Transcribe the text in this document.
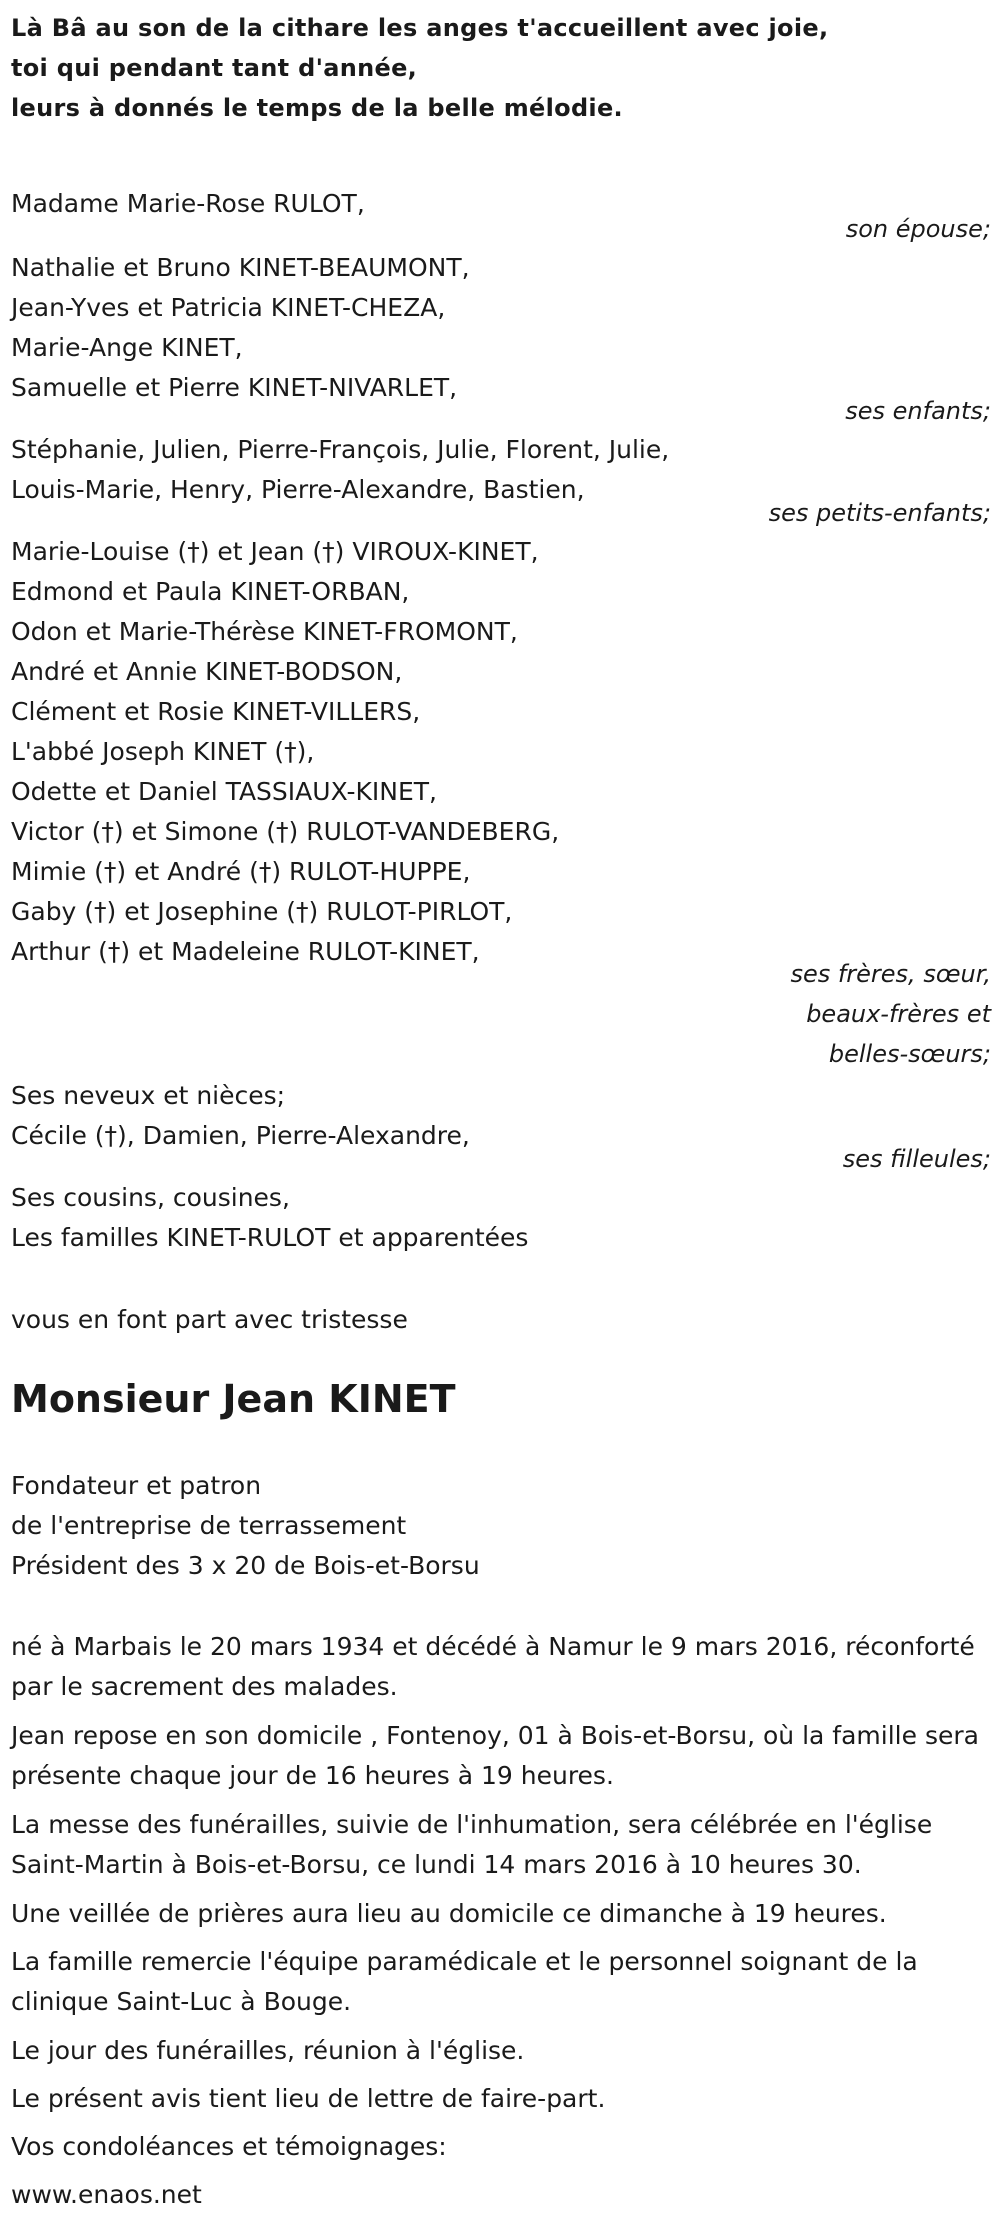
Là Bâ au son de la cithare les anges t'accueillent avec joie,
toi qui pendant tant d'année,
leurs à donnés le temps de la belle mélodie.
Madame Marie-Rose RULOT,
son épouse;
Nathalie et Bruno KINET-BEAUMONT,
Jean-Yves et Patricia KINET-CHEZA,
Marie-Ange KINET,
Samuelle et Pierre KINET-NIVARLET,
ses enfants;
Stéphanie, Julien, Pierre-François, Julie, Florent, Julie,
Louis-Marie, Henry, Pierre-Alexandre, Bastien,
ses petits-enfants;
Marie-Louise (†) et Jean (†) VIROUX-KINET,
Edmond et Paula KINET-ORBAN,
Odon et Marie-Thérèse KINET-FROMONT,
André et Annie KINET-BODSON,
Clément et Rosie KINET-VILLERS,
L'abbé Joseph KINET (†),
Odette et Daniel TASSIAUX-KINET,
Victor (†) et Simone (†) RULOT-VANDEBERG,
Mimie (†) et André (†) RULOT-HUPPE,
Gaby (†) et Josephine (†) RULOT-PIRLOT,
Arthur (†) et Madeleine RULOT-KINET,
ses frères, sœur,
beaux-frères et
belles-sœurs;
Ses neveux et nièces;
Cécile (†), Damien, Pierre-Alexandre,
ses filleules;
Ses cousins, cousines,
Les familles KINET-RULOT et apparentées
vous en font part avec tristesse
Monsieur Jean KINET
Fondateur et patron
de l'entreprise de terrassement
Président des 3 x 20 de Bois-et-Borsu
né à Marbais le 20 mars 1934 et décédé à Namur le 9 mars 2016, réconforté par le sacrement des malades.
Jean repose en son domicile , Fontenoy, 01 à Bois-et-Borsu, où la famille sera présente chaque jour de 16 heures à 19 heures.
La messe des funérailles, suivie de l'inhumation, sera célébrée en l'église Saint-Martin à Bois-et-Borsu, ce lundi 14 mars 2016 à 10 heures 30.
Une veillée de prières aura lieu au domicile ce dimanche à 19 heures.
La famille remercie l'équipe paramédicale et le personnel soignant de la clinique Saint-Luc à Bouge.
Le jour des funérailles, réunion à l'église.
Le présent avis tient lieu de lettre de faire-part.
Vos condoléances et témoignages:
www.enaos.net
